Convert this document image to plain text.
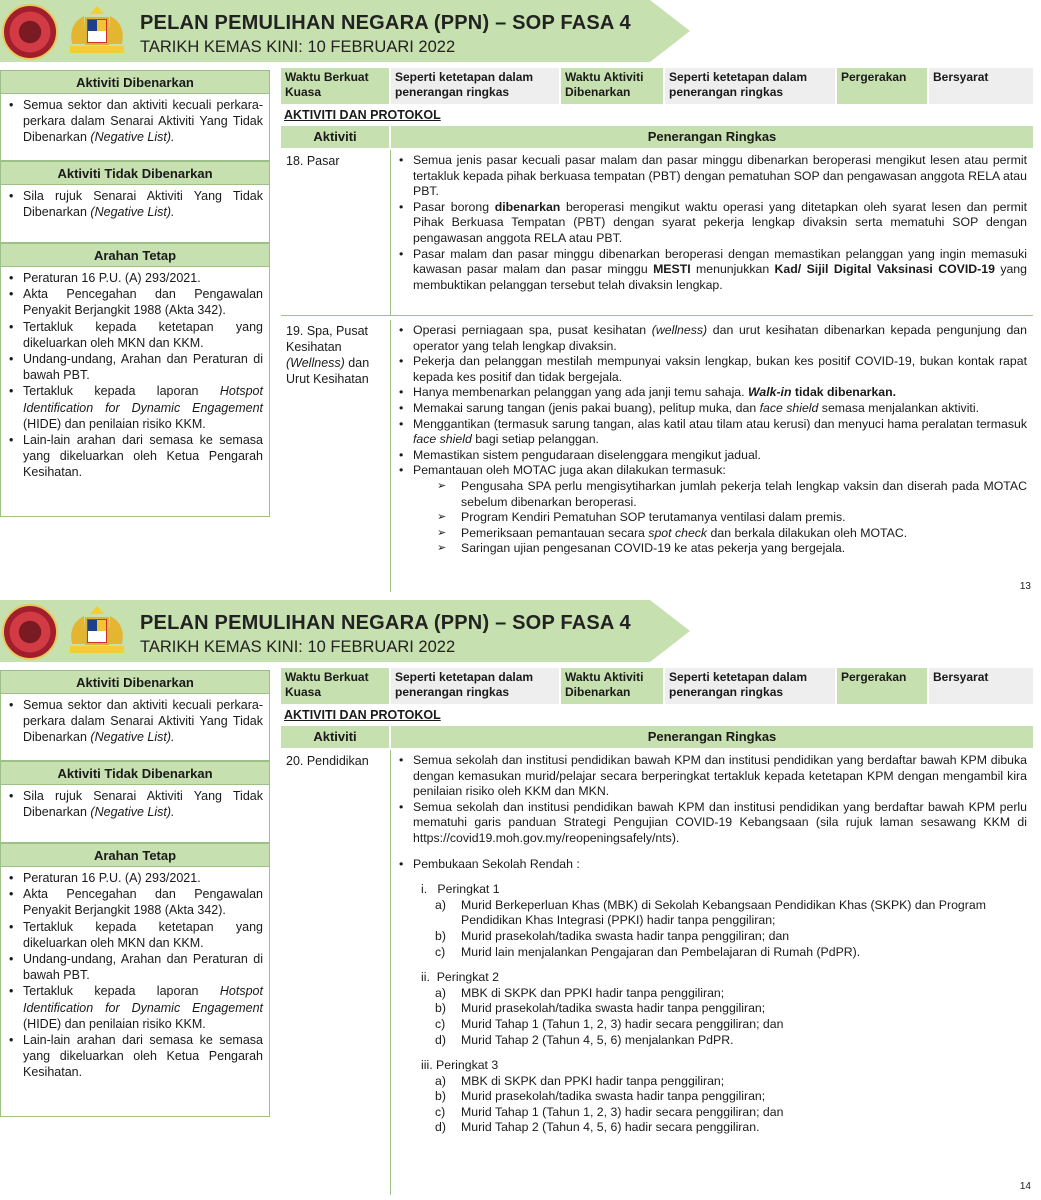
PELAN PEMULIHAN NEGARA (PPN) – SOP FASA 4
TARIKH KEMAS KINI: 10 FEBRUARI 2022
Aktiviti Dibenarkan
• Semua sektor dan aktiviti kecuali perkara-perkara dalam Senarai Aktiviti Yang Tidak Dibenarkan (Negative List).
Aktiviti Tidak Dibenarkan
• Sila rujuk Senarai Aktiviti Yang Tidak Dibenarkan (Negative List).
Arahan Tetap
• Peraturan 16 P.U. (A) 293/2021.
• Akta Pencegahan dan Pengawalan Penyakit Berjangkit 1988 (Akta 342).
• Tertakluk kepada ketetapan yang dikeluarkan oleh MKN dan KKM.
• Undang-undang, Arahan dan Peraturan di bawah PBT.
• Tertakluk kepada laporan Hotspot Identification for Dynamic Engagement (HIDE) dan penilaian risiko KKM.
• Lain-lain arahan dari semasa ke semasa yang dikeluarkan oleh Ketua Pengarah Kesihatan.
Waktu Berkuat Kuasa
Seperti ketetapan dalam penerangan ringkas
Waktu Aktiviti Dibenarkan
Seperti ketetapan dalam penerangan ringkas
Pergerakan	Bersyarat
AKTIVITI DAN PROTOKOL
Aktiviti	Penerangan Ringkas
18. Pasar	• Semua jenis pasar kecuali pasar malam dan pasar minggu dibenarkan beroperasi mengikut lesen atau permit tertakluk kepada pihak berkuasa tempatan (PBT) dengan pematuhan SOP dan pengawasan anggota RELA atau PBT.
• Pasar borong dibenarkan beroperasi mengikut waktu operasi yang ditetapkan oleh syarat lesen dan permit Pihak Berkuasa Tempatan (PBT) dengan syarat pekerja lengkap divaksin serta mematuhi SOP dengan pengawasan anggota RELA atau PBT.
• Pasar malam dan pasar minggu dibenarkan beroperasi dengan memastikan pelanggan yang ingin memasuki kawasan pasar malam dan pasar minggu MESTI menunjukkan Kad/ Sijil Digital Vaksinasi COVID-19 yang membuktikan pelanggan tersebut telah divaksin lengkap.
19. Spa, Pusat Kesihatan (Wellness) dan Urut Kesihatan
• Operasi perniagaan spa, pusat kesihatan (wellness) dan urut kesihatan dibenarkan kepada pengunjung dan operator yang telah lengkap divaksin.
• Pekerja dan pelanggan mestilah mempunyai vaksin lengkap, bukan kes positif COVID-19, bukan kontak rapat kepada kes positif dan tidak bergejala.
• Hanya membenarkan pelanggan yang ada janji temu sahaja. Walk-in tidak dibenarkan.
• Memakai sarung tangan (jenis pakai buang), pelitup muka, dan face shield semasa menjalankan aktiviti.
• Menggantikan (termasuk sarung tangan, alas katil atau tilam atau kerusi) dan menyuci hama peralatan termasuk face shield bagi setiap pelanggan.
• Memastikan sistem pengudaraan diselenggara mengikut jadual.
• Pemantauan oleh MOTAC juga akan dilakukan termasuk:
➢ Pengusaha SPA perlu mengisytiharkan jumlah pekerja telah lengkap vaksin dan diserah pada MOTAC sebelum dibenarkan beroperasi.
➢ Program Kendiri Pematuhan SOP terutamanya ventilasi dalam premis.
➢ Pemeriksaan pemantauan secara spot check dan berkala dilakukan oleh MOTAC.
➢ Saringan ujian pengesanan COVID-19 ke atas pekerja yang bergejala.
13
PELAN PEMULIHAN NEGARA (PPN) – SOP FASA 4
TARIKH KEMAS KINI: 10 FEBRUARI 2022
Aktiviti Dibenarkan
• Semua sektor dan aktiviti kecuali perkara-perkara dalam Senarai Aktiviti Yang Tidak Dibenarkan (Negative List).
Aktiviti Tidak Dibenarkan
• Sila rujuk Senarai Aktiviti Yang Tidak Dibenarkan (Negative List).
Arahan Tetap
• Peraturan 16 P.U. (A) 293/2021.
• Akta Pencegahan dan Pengawalan Penyakit Berjangkit 1988 (Akta 342).
• Tertakluk kepada ketetapan yang dikeluarkan oleh MKN dan KKM.
• Undang-undang, Arahan dan Peraturan di bawah PBT.
• Tertakluk kepada laporan Hotspot Identification for Dynamic Engagement (HIDE) dan penilaian risiko KKM.
• Lain-lain arahan dari semasa ke semasa yang dikeluarkan oleh Ketua Pengarah Kesihatan.
Waktu Berkuat Kuasa
Seperti ketetapan dalam penerangan ringkas
Waktu Aktiviti Dibenarkan
Seperti ketetapan dalam penerangan ringkas
Pergerakan	Bersyarat
AKTIVITI DAN PROTOKOL
Aktiviti	Penerangan Ringkas
20. Pendidikan	• Semua sekolah dan institusi pendidikan bawah KPM dan institusi pendidikan yang berdaftar bawah KPM dibuka dengan kemasukan murid/pelajar secara berperingkat tertakluk kepada ketetapan KPM dengan mengambil kira penilaian risiko oleh KKM dan MKN.
• Semua sekolah dan institusi pendidikan bawah KPM dan institusi pendidikan yang berdaftar bawah KPM perlu mematuhi garis panduan Strategi Pengujian COVID-19 Kebangsaan (sila rujuk laman sesawang KKM di https://covid19.moh.gov.my/reopeningsafely/nts).
• Pembukaan Sekolah Rendah :
i.   Peringkat 1
a) Murid Berkeperluan Khas (MBK) di Sekolah Kebangsaan Pendidikan Khas (SKPK) dan Program Pendidikan Khas Integrasi (PPKI) hadir tanpa penggiliran;
b) Murid prasekolah/tadika swasta hadir tanpa penggiliran; dan
c) Murid lain menjalankan Pengajaran dan Pembelajaran di Rumah (PdPR).
ii.  Peringkat 2
a) MBK di SKPK dan PPKI hadir tanpa penggiliran;
b) Murid prasekolah/tadika swasta hadir tanpa penggiliran;
c) Murid Tahap 1 (Tahun 1, 2, 3) hadir secara penggiliran; dan
d) Murid Tahap 2 (Tahun 4, 5, 6) menjalankan PdPR.
iii. Peringkat 3
a) MBK di SKPK dan PPKI hadir tanpa penggiliran;
b) Murid prasekolah/tadika swasta hadir tanpa penggiliran;
c) Murid Tahap 1 (Tahun 1, 2, 3) hadir secara penggiliran; dan
d) Murid Tahap 2 (Tahun 4, 5, 6) hadir secara penggiliran.
14
